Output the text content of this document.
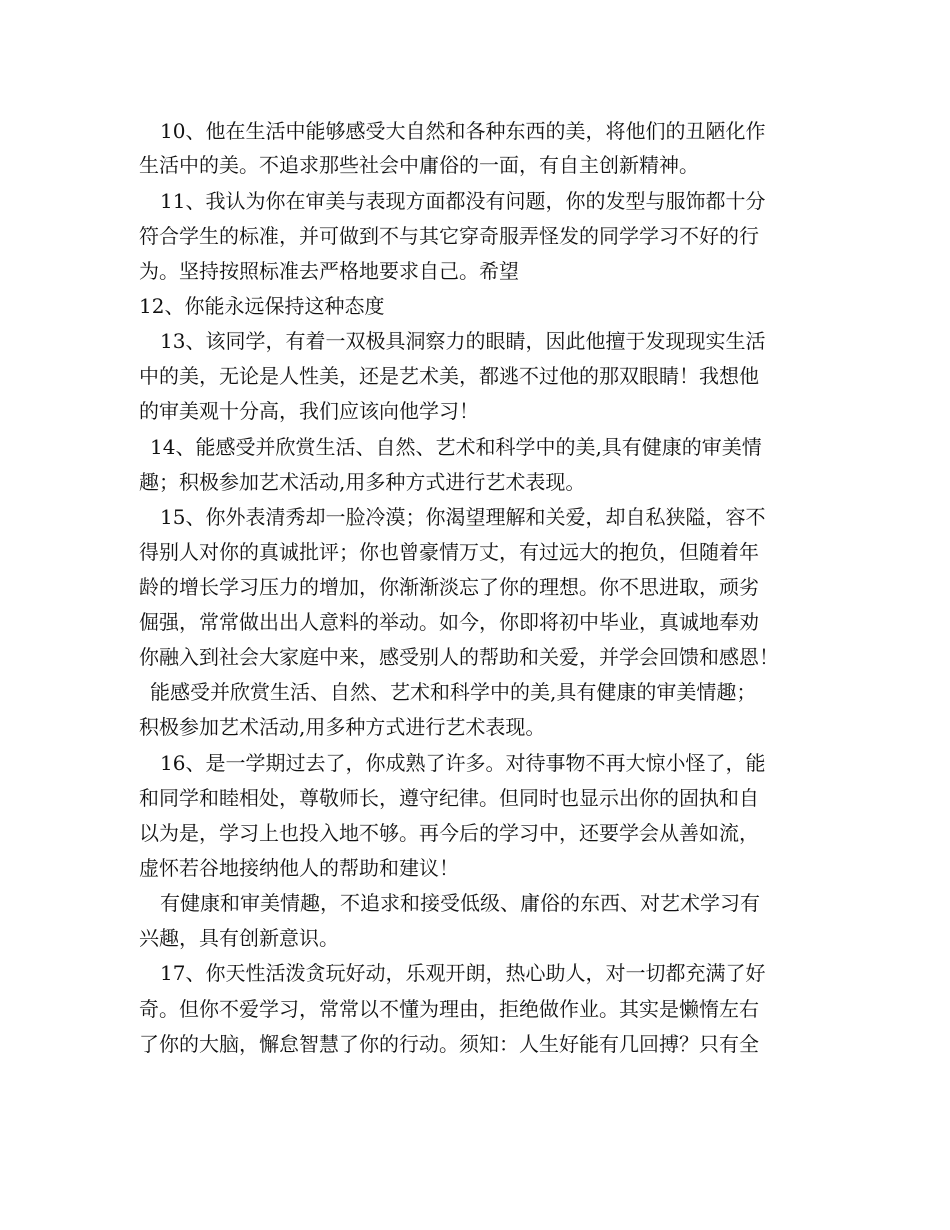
10、他在生活中能够感受大自然和各种东西的美，将他们的丑陋化作
生活中的美。不追求那些社会中庸俗的一面，有自主创新精神。
11、我认为你在审美与表现方面都没有问题，你的发型与服饰都十分
符合学生的标准，并可做到不与其它穿奇服弄怪发的同学学习不好的行
为。坚持按照标准去严格地要求自己。希望
12、你能永远保持这种态度
13、该同学，有着一双极具洞察力的眼睛，因此他擅于发现现实生活
中的美，无论是人性美，还是艺术美，都逃不过他的那双眼睛！我想他
的审美观十分高，我们应该向他学习！
14、能感受并欣赏生活、自然、艺术和科学中的美,具有健康的审美情
趣；积极参加艺术活动,用多种方式进行艺术表现。
15、你外表清秀却一脸冷漠；你渴望理解和关爱，却自私狭隘，容不
得别人对你的真诚批评；你也曾豪情万丈，有过远大的抱负，但随着年
龄的增长学习压力的增加，你渐渐淡忘了你的理想。你不思进取，顽劣
倔强，常常做出出人意料的举动。如今，你即将初中毕业，真诚地奉劝
你融入到社会大家庭中来，感受别人的帮助和关爱，并学会回馈和感恩！
能感受并欣赏生活、自然、艺术和科学中的美,具有健康的审美情趣；
积极参加艺术活动,用多种方式进行艺术表现。
16、是一学期过去了，你成熟了许多。对待事物不再大惊小怪了，能
和同学和睦相处，尊敬师长，遵守纪律。但同时也显示出你的固执和自
以为是，学习上也投入地不够。再今后的学习中，还要学会从善如流，
虚怀若谷地接纳他人的帮助和建议！
有健康和审美情趣，不追求和接受低级、庸俗的东西、对艺术学习有
兴趣，具有创新意识。
17、你天性活泼贪玩好动，乐观开朗，热心助人，对一切都充满了好
奇。但你不爱学习，常常以不懂为理由，拒绝做作业。其实是懒惰左右
了你的大脑，懈怠智慧了你的行动。须知：人生好能有几回搏？只有全
